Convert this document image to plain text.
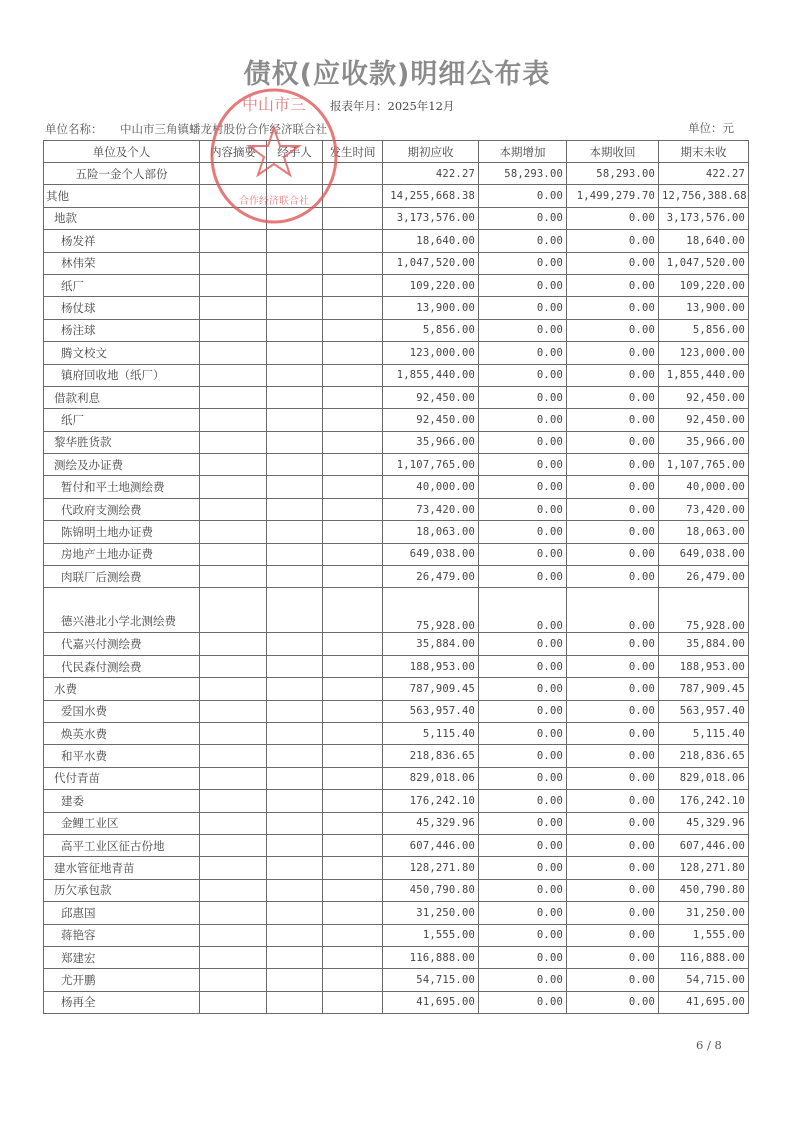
债权(应收款)明细公布表
报表年月：2025年12月
单位名称： 中山市三角镇蟠龙村股份合作经济联合社	单位：元
单位及个人	内容摘要	经手人	发生时间	期初应收	本期增加	本期收回	期末未收
五险一金个人部份				422.27	58,293.00	58,293.00	422.27
其他				14,255,668.38	0.00	1,499,279.70	12,756,388.68
地款				3,173,576.00	0.00	0.00	3,173,576.00
杨发祥				18,640.00	0.00	0.00	18,640.00
林伟荣				1,047,520.00	0.00	0.00	1,047,520.00
纸厂				109,220.00	0.00	0.00	109,220.00
杨仗球				13,900.00	0.00	0.00	13,900.00
杨注球				5,856.00	0.00	0.00	5,856.00
腾文校文				123,000.00	0.00	0.00	123,000.00
镇府回收地（纸厂）				1,855,440.00	0.00	0.00	1,855,440.00
借款利息				92,450.00	0.00	0.00	92,450.00
纸厂				92,450.00	0.00	0.00	92,450.00
黎华胜货款				35,966.00	0.00	0.00	35,966.00
测绘及办证费				1,107,765.00	0.00	0.00	1,107,765.00
暂付和平土地测绘费				40,000.00	0.00	0.00	40,000.00
代政府支测绘费				73,420.00	0.00	0.00	73,420.00
陈锦明土地办证费				18,063.00	0.00	0.00	18,063.00
房地产土地办证费				649,038.00	0.00	0.00	649,038.00
肉联厂后测绘费				26,479.00	0.00	0.00	26,479.00
德兴港北小学北测绘费				75,928.00	0.00	0.00	75,928.00
代嘉兴付测绘费				35,884.00	0.00	0.00	35,884.00
代民森付测绘费				188,953.00	0.00	0.00	188,953.00
水费				787,909.45	0.00	0.00	787,909.45
爱国水费				563,957.40	0.00	0.00	563,957.40
焕英水费				5,115.40	0.00	0.00	5,115.40
和平水费				218,836.65	0.00	0.00	218,836.65
代付青苗				829,018.06	0.00	0.00	829,018.06
建委				176,242.10	0.00	0.00	176,242.10
金鲤工业区				45,329.96	0.00	0.00	45,329.96
高平工业区征古份地				607,446.00	0.00	0.00	607,446.00
建水管征地青苗				128,271.80	0.00	0.00	128,271.80
历欠承包款				450,790.80	0.00	0.00	450,790.80
邱惠国				31,250.00	0.00	0.00	31,250.00
蒋艳容				1,555.00	0.00	0.00	1,555.00
郑建宏				116,888.00	0.00	0.00	116,888.00
尤开鹏				54,715.00	0.00	0.00	54,715.00
杨再全				41,695.00	0.00	0.00	41,695.00
中山市三
合作经济联合社
6 / 8
